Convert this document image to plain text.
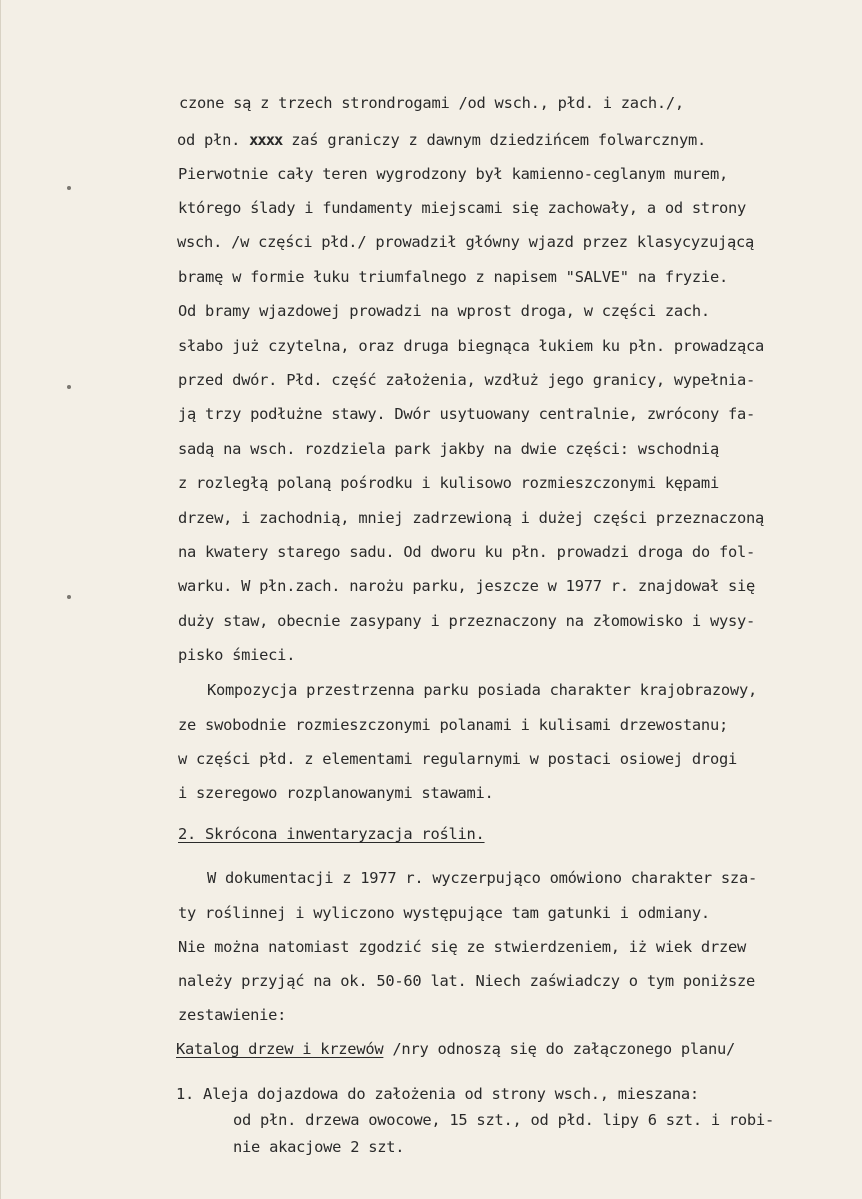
czone są z trzech strondrogami /od wsch., płd. i zach./,
od płn. xxxx zaś graniczy z dawnym dziedzińcem folwarcznym.
Pierwotnie cały teren wygrodzony był kamienno-ceglanym murem,
którego ślady i fundamenty miejscami się zachowały, a od strony
wsch. /w części płd./ prowadził główny wjazd przez klasycyzującą
bramę w formie łuku triumfalnego z napisem "SALVE" na fryzie.
Od bramy wjazdowej prowadzi na wprost droga, w części zach.
słabo już czytelna, oraz druga biegnąca łukiem ku płn. prowadząca
przed dwór. Płd. część założenia, wzdłuż jego granicy, wypełnia-
ją trzy podłużne stawy. Dwór usytuowany centralnie, zwrócony fa-
sadą na wsch. rozdziela park jakby na dwie części: wschodnią
z rozległą polaną pośrodku i kulisowo rozmieszczonymi kępami
drzew, i zachodnią, mniej zadrzewioną i dużej części przeznaczoną
na kwatery starego sadu. Od dworu ku płn. prowadzi droga do fol-
warku. W płn.zach. narożu parku, jeszcze w 1977 r. znajdował się
duży staw, obecnie zasypany i przeznaczony na złomowisko i wysy-
pisko śmieci.
Kompozycja przestrzenna parku posiada charakter krajobrazowy,
ze swobodnie rozmieszczonymi polanami i kulisami drzewostanu;
w części płd. z elementami regularnymi w postaci osiowej drogi
i szeregowo rozplanowanymi stawami.
2. Skrócona inwentaryzacja roślin.
W dokumentacji z 1977 r. wyczerpująco omówiono charakter sza-
ty roślinnej i wyliczono występujące tam gatunki i odmiany.
Nie można natomiast zgodzić się ze stwierdzeniem, iż wiek drzew
należy przyjąć na ok. 50-60 lat. Niech zaświadczy o tym poniższe
zestawienie:
Katalog drzew i krzewów /nry odnoszą się do załączonego planu/
1. Aleja dojazdowa do założenia od strony wsch., mieszana:
od płn. drzewa owocowe, 15 szt., od płd. lipy 6 szt. i robi-
nie akacjowe 2 szt.
